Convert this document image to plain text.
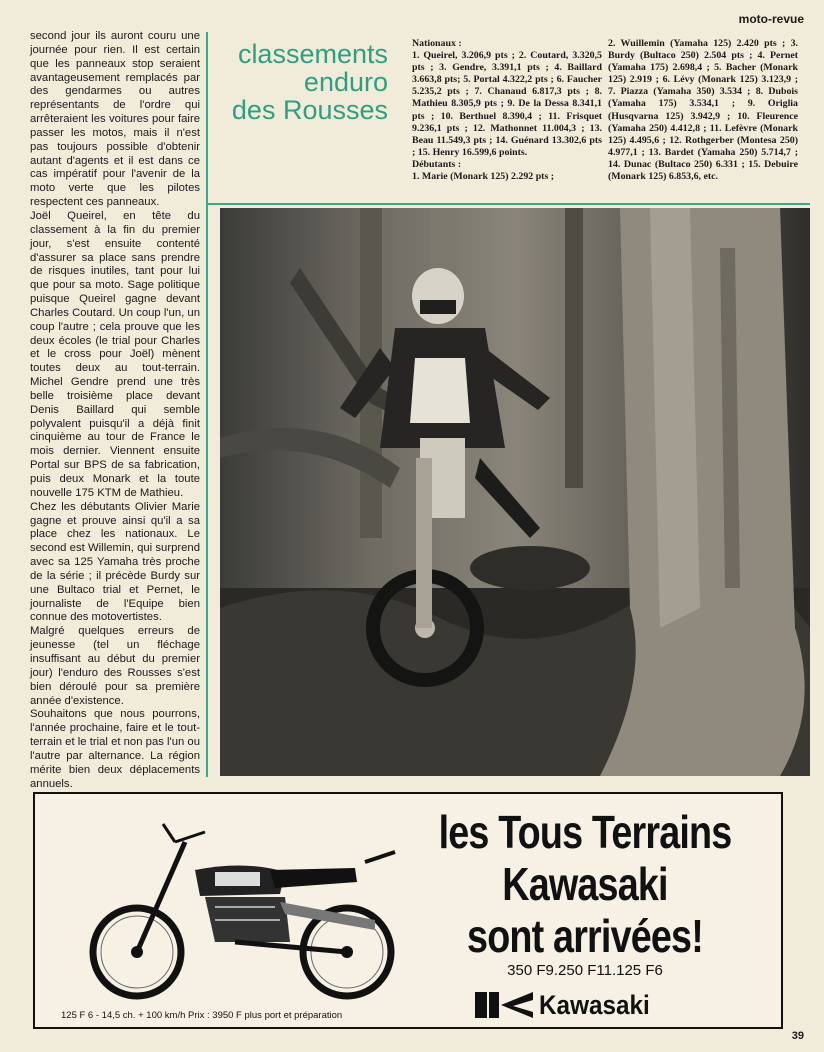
moto-revue

second jour ils auront couru une journée pour rien. Il est certain que les panneaux stop seraient avantageusement remplacés par des gendarmes ou autres représentants de l'ordre qui arrêteraient les voitures pour faire passer les motos, mais il n'est pas toujours possible d'obtenir autant d'agents et il est dans ce cas impératif pour l'avenir de la moto verte que les pilotes respectent ces panneaux.

Joël Queirel, en tête du classement à la fin du premier jour, s'est ensuite contenté d'assurer sa place sans prendre de risques inutiles, tant pour lui que pour sa moto. Sage politique puisque Queirel gagne devant Charles Coutard. Un coup l'un, un coup l'autre ; cela prouve que les deux écoles (le trial pour Charles et le cross pour Joël) mènent toutes deux au tout-terrain. Michel Gendre prend une très belle troisième place devant Denis Baillard qui semble polyvalent puisqu'il a déjà finit cinquième au tour de France le mois dernier. Viennent ensuite Portal sur BPS de sa fabrication, puis deux Monark et la toute nouvelle 175 KTM de Mathieu.

Chez les débutants Olivier Marie gagne et prouve ainsi qu'il a sa place chez les nationaux. Le second est Willemin, qui surprend avec sa 125 Yamaha très proche de la série ; il précède Burdy sur une Bultaco trial et Pernet, le journaliste de l'Equipe bien connue des motovertistes.

Malgré quelques erreurs de jeunesse (tel un fléchage insuffisant au début du premier jour) l'enduro des Rousses s'est bien déroulé pour sa première année d'existence.

Souhaitons que nous pourrons, l'année prochaine, faire et le tout-terrain et le trial et non pas l'un ou l'autre par alternance. La région mérite bien deux déplacements annuels.

classements
enduro
des Rousses
Nationaux :
1. Queirel, 3.206,9 pts ; 2. Coutard, 3.320,5 pts ; 3. Gendre, 3.391,1 pts ; 4. Baillard 3.663,8 pts; 5. Portal 4.322,2 pts ; 6. Faucher 5.235,2 pts ; 7. Chanaud 6.817,3 pts ; 8. Mathieu 8.305,9 pts ; 9. De la Dessa 8.341,1 pts ; 10. Berthuel 8.390,4 ; 11. Frisquet 9.236,1 pts ; 12. Mathonnet 11.004,3 ; 13. Beau 11.549,3 pts ; 14. Guénard 13.302,6 pts ; 15. Henry 16.599,6 points.
Débutants :
1. Marie (Monark 125) 2.292 pts ;
2. Wuillemin (Yamaha 125) 2.420 pts ; 3. Burdy (Bultaco 250) 2.504 pts ; 4. Pernet (Yamaha 175) 2.698,4 ; 5. Bacher (Monark 125) 2.919 ; 6. Lévy (Monark 125) 3.123,9 ; 7. Piazza (Yamaha 350) 3.534 ; 8. Dubois (Yamaha 175) 3.534,1 ; 9. Origlia (Husqvarna 125) 3.942,9 ; 10. Fleurence (Yamaha 250) 4.412,8 ; 11. Lefèvre (Monark 125) 4.495,6 ; 12. Rothgerber (Montesa 250) 4.977,1 ; 13. Bardet (Yamaha 250) 5.714,7 ; 14. Dunac (Bultaco 250) 6.331 ; 15. Debuire (Monark 125) 6.853,6, etc.
les Tous Terrains
Kawasaki
sont arrivées!
350 F9.250 F11.125 F6
Kawasaki
125 F 6 - 14,5 ch. + 100 km/h Prix : 3950 F plus port et préparation
39
